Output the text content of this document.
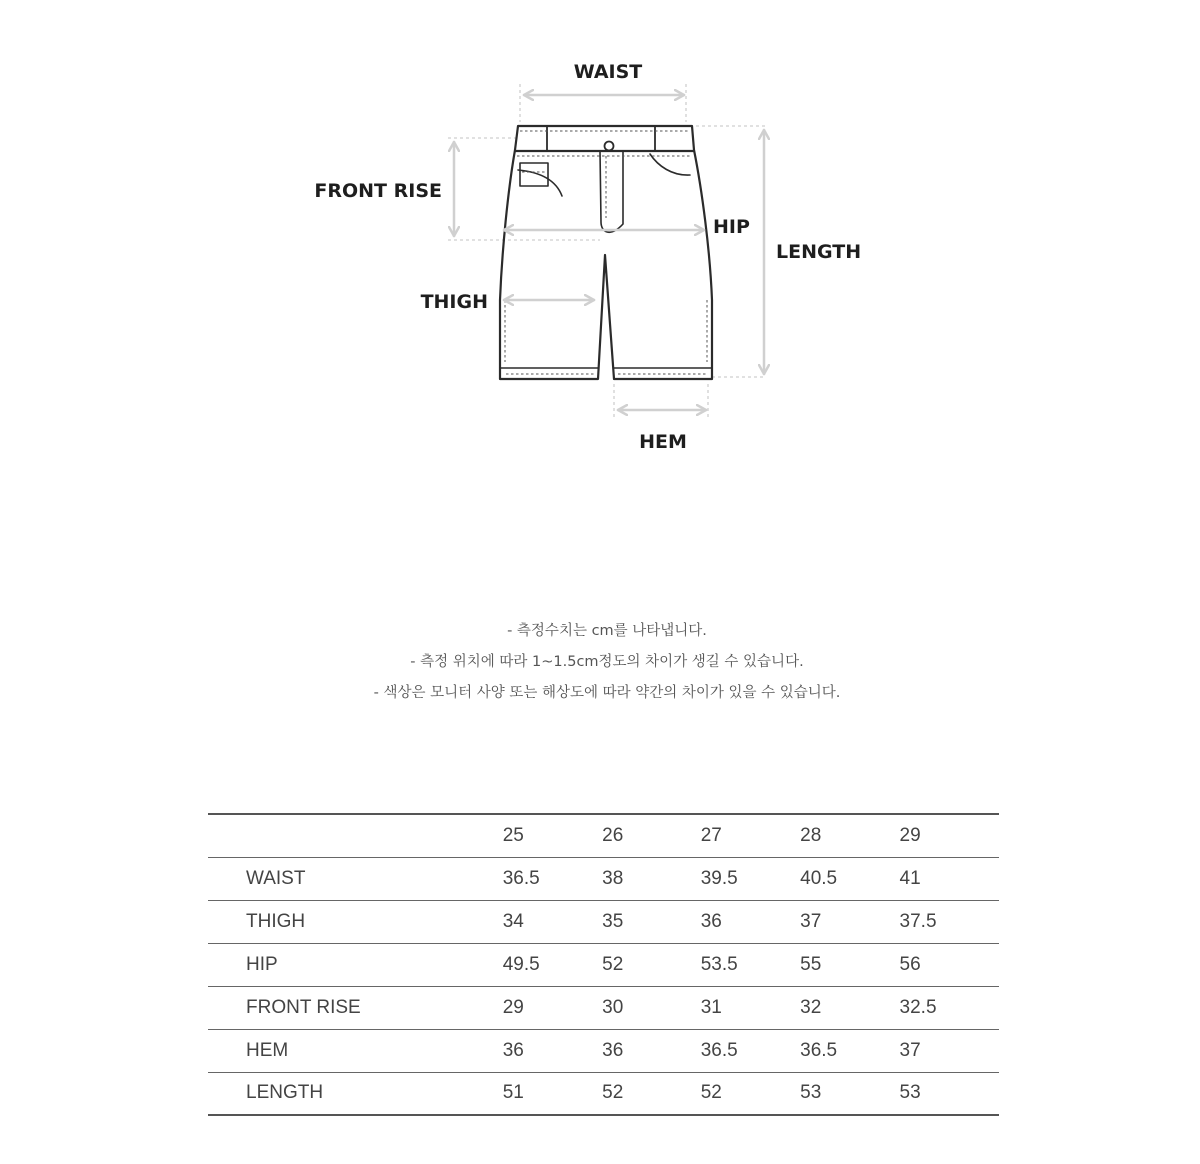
WAIST
FRONT RISE
HIP
LENGTH
THIGH
HEM
- 측정수치는 cm를 나타냅니다.
- 측정 위치에 따라 1~1.5cm정도의 차이가 생길 수 있습니다.
- 색상은 모니터 사양 또는 해상도에 따라 약간의 차이가 있을 수 있습니다.
	25	26	27	28	29
WAIST	36.5	38	39.5	40.5	41
THIGH	34	35	36	37	37.5
HIP	49.5	52	53.5	55	56
FRONT RISE	29	30	31	32	32.5
HEM	36	36	36.5	36.5	37
LENGTH	51	52	52	53	53
